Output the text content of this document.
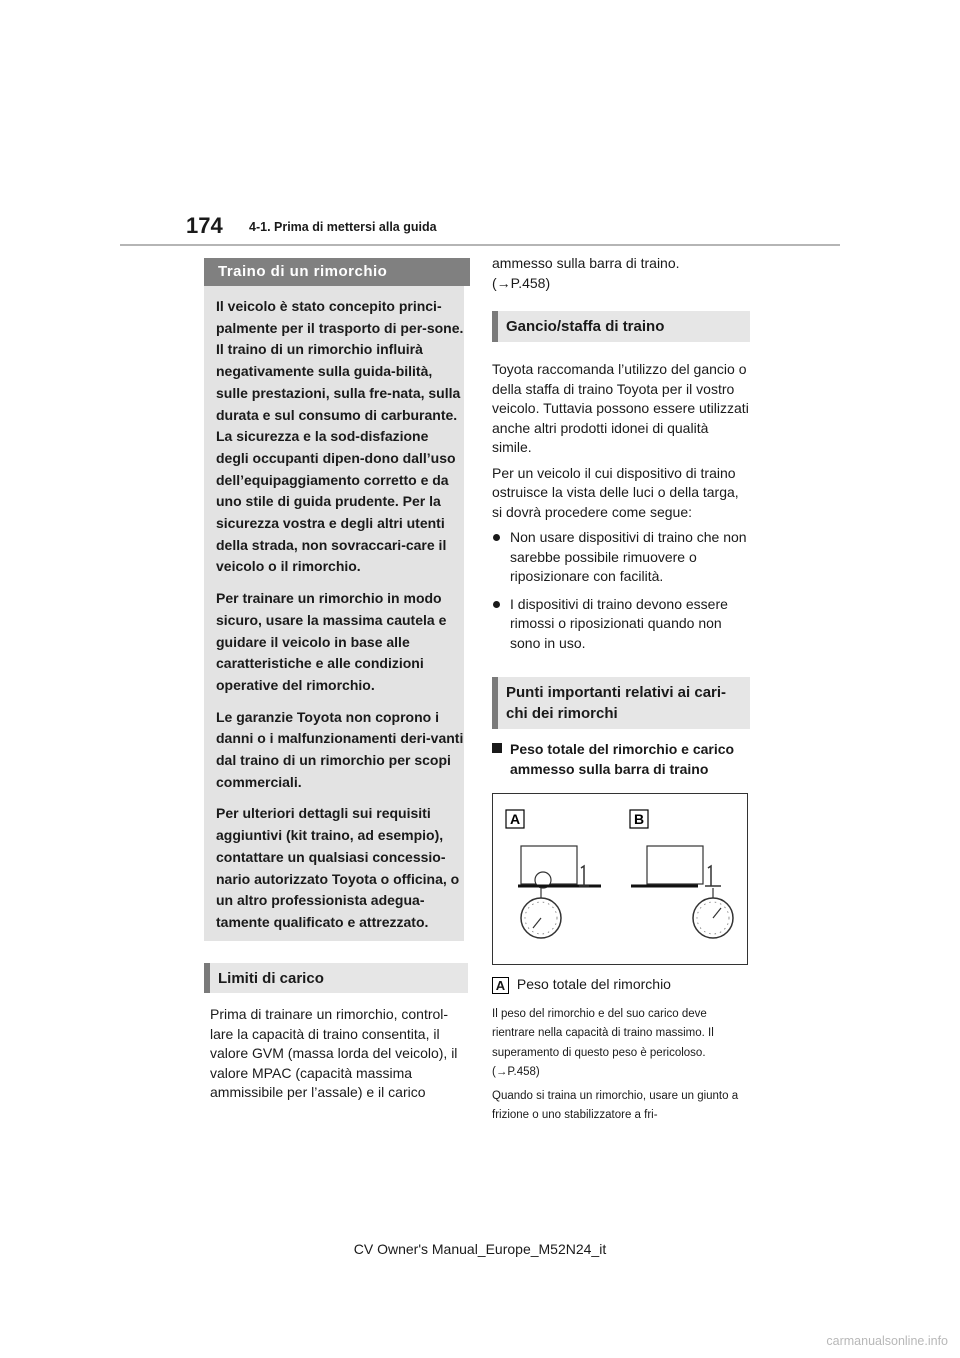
174 4-1. Prima di mettersi alla guida
Traino di un rimorchio

Il veicolo è stato concepito princi-palmente per il trasporto di per-sone. Il traino di un rimorchio influirà negativamente sulla guida-bilità, sulle prestazioni, sulla fre-nata, sulla durata e sul consumo di carburante. La sicurezza e la sod-disfazione degli occupanti dipen-dono dall’uso dell’equipaggiamento corretto e da uno stile di guida prudente. Per la sicurezza vostra e degli altri utenti della strada, non sovraccari-care il veicolo o il rimorchio.

Per trainare un rimorchio in modo sicuro, usare la massima cautela e guidare il veicolo in base alle caratteristiche e alle condizioni operative del rimorchio.

Le garanzie Toyota non coprono i danni o i malfunzionamenti deri-vanti dal traino di un rimorchio per scopi commerciali.

Per ulteriori dettagli sui requisiti aggiuntivi (kit traino, ad esempio), contattare un qualsiasi concessio-nario autorizzato Toyota o officina, o un altro professionista adegua-tamente qualificato e attrezzato.

Limiti di carico

Prima di trainare un rimorchio, control-lare la capacità di traino consentita, il valore GVM (massa lorda del veicolo), il valore MPAC (capacità massima ammissibile per l’assale) e il carico

ammesso sulla barra di traino.

(→P.458)

Gancio/staffa di traino

Toyota raccomanda l’utilizzo del gancio o della staffa di traino Toyota per il vostro veicolo. Tuttavia possono essere utilizzati anche altri prodotti idonei di qualità simile.

Per un veicolo il cui dispositivo di traino ostruisce la vista delle luci o della targa, si dovrà procedere come segue:

Non usare dispositivi di traino che non sarebbe possibile rimuovere o riposizionare con facilità.
I dispositivi di traino devono essere rimossi o riposizionati quando non sono in uso.
Punti importanti relativi ai cari-chi dei rimorchi
Peso totale del rimorchio e carico ammesso sulla barra di traino
A	B

A Peso totale del rimorchio

Il peso del rimorchio e del suo carico deve rientrare nella capacità di traino massimo. Il superamento di questo peso è pericoloso.

(→P.458)

Quando si traina un rimorchio, usare un giunto a frizione o uno stabilizzatore a fri-

CV Owner's Manual_Europe_M52N24_it
carmanualsonline.info
